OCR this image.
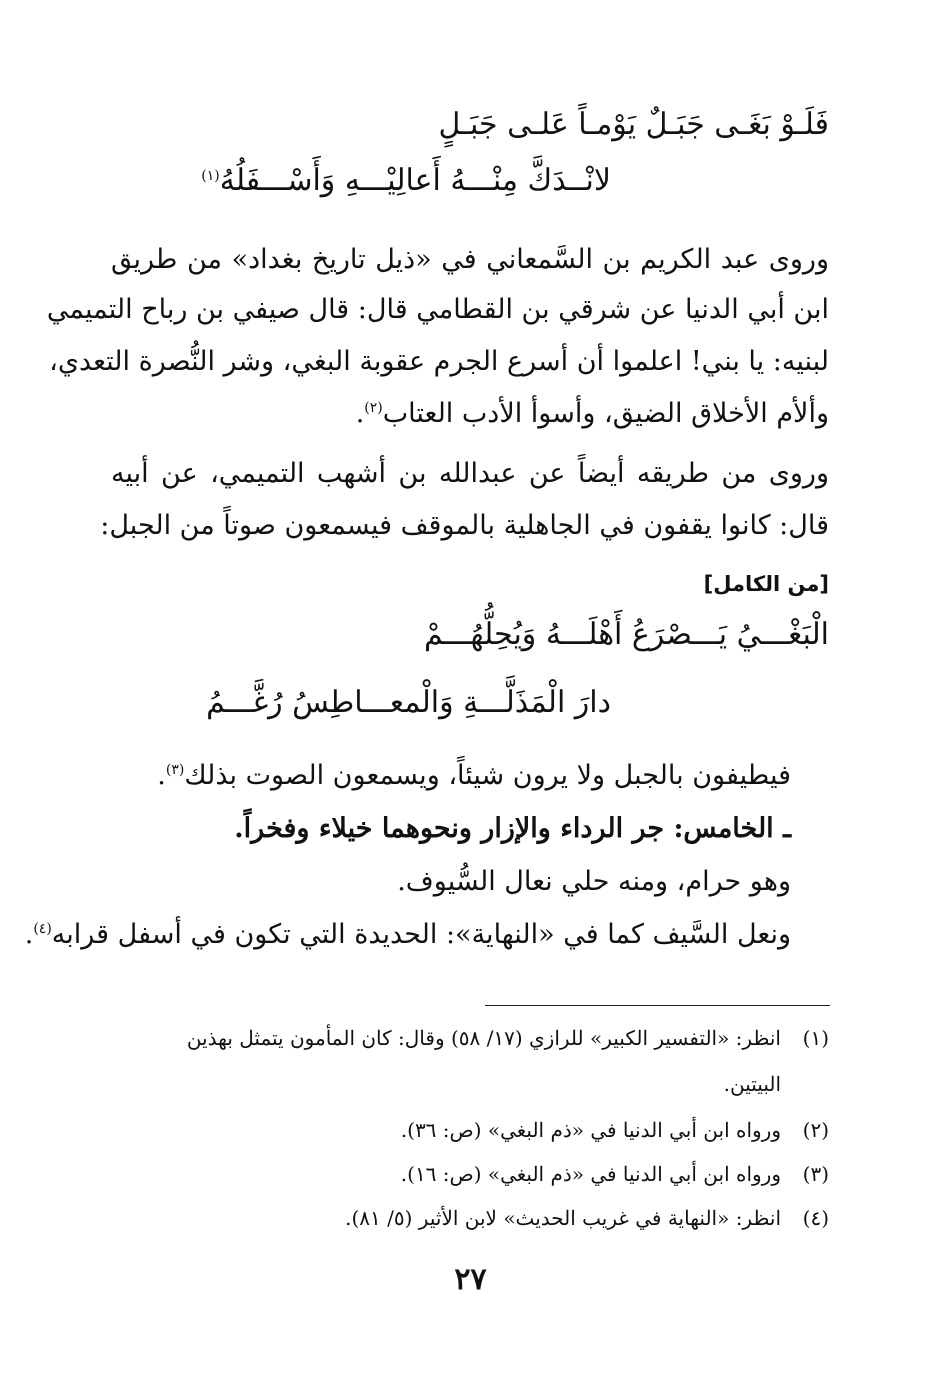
فَلَـوْ بَغَـى جَبَـلٌ يَوْمـاً عَلـى جَبَـلٍ
لانْــدَكَّ مِنْـــهُ أَعالِيْـــهِ وَأَسْـــفَلُهُ$^{(١)}$
وروى عبد الكريم بن السَّمعاني في «ذيل تاريخ بغداد» من طريق
ابن أبي الدنيا عن شرقي بن القطامي قال: قال صيفي بن رباح التميمي
لبنيه: يا بني! اعلموا أن أسرع الجرم عقوبة البغي، وشر النُّصرة التعدي،
وألأم الأخلاق الضيق، وأسوأ الأدب العتاب$^{(٢)}$.
وروى من طريقه أيضاً عن عبدالله بن أشهب التميمي، عن أبيه
قال: كانوا يقفون في الجاهلية بالموقف فيسمعون صوتاً من الجبل:
[من الكامل]
الْبَغْـــيُ يَـــصْرَعُ أَهْلَـــهُ وَيُحِلُّهُـــمْ
دارَ الْمَذَلَّـــةِ وَالْمعـــاطِسُ رُغَّـــمُ
فيطيفون بالجبل ولا يرون شيئاً، ويسمعون الصوت بذلك$^{(٣)}$.
ـ الخامس: جر الرداء والإزار ونحوهما خيلاء وفخراً.
وهو حرام، ومنه حلي نعال السُّيوف.
ونعل السَّيف كما في «النهاية»: الحديدة التي تكون في أسفل قرابه$^{(٤)}$.
(١)انظر: «التفسير الكبير» للرازي (١٧/ ٥٨) وقال: كان المأمون يتمثل بهذين
البيتين.
(٢)ورواه ابن أبي الدنيا في «ذم البغي» (ص: ٣٦).
(٣)ورواه ابن أبي الدنيا في «ذم البغي» (ص: ١٦).
(٤)انظر: «النهاية في غريب الحديث» لابن الأثير (٥/ ٨١).
٢٧
